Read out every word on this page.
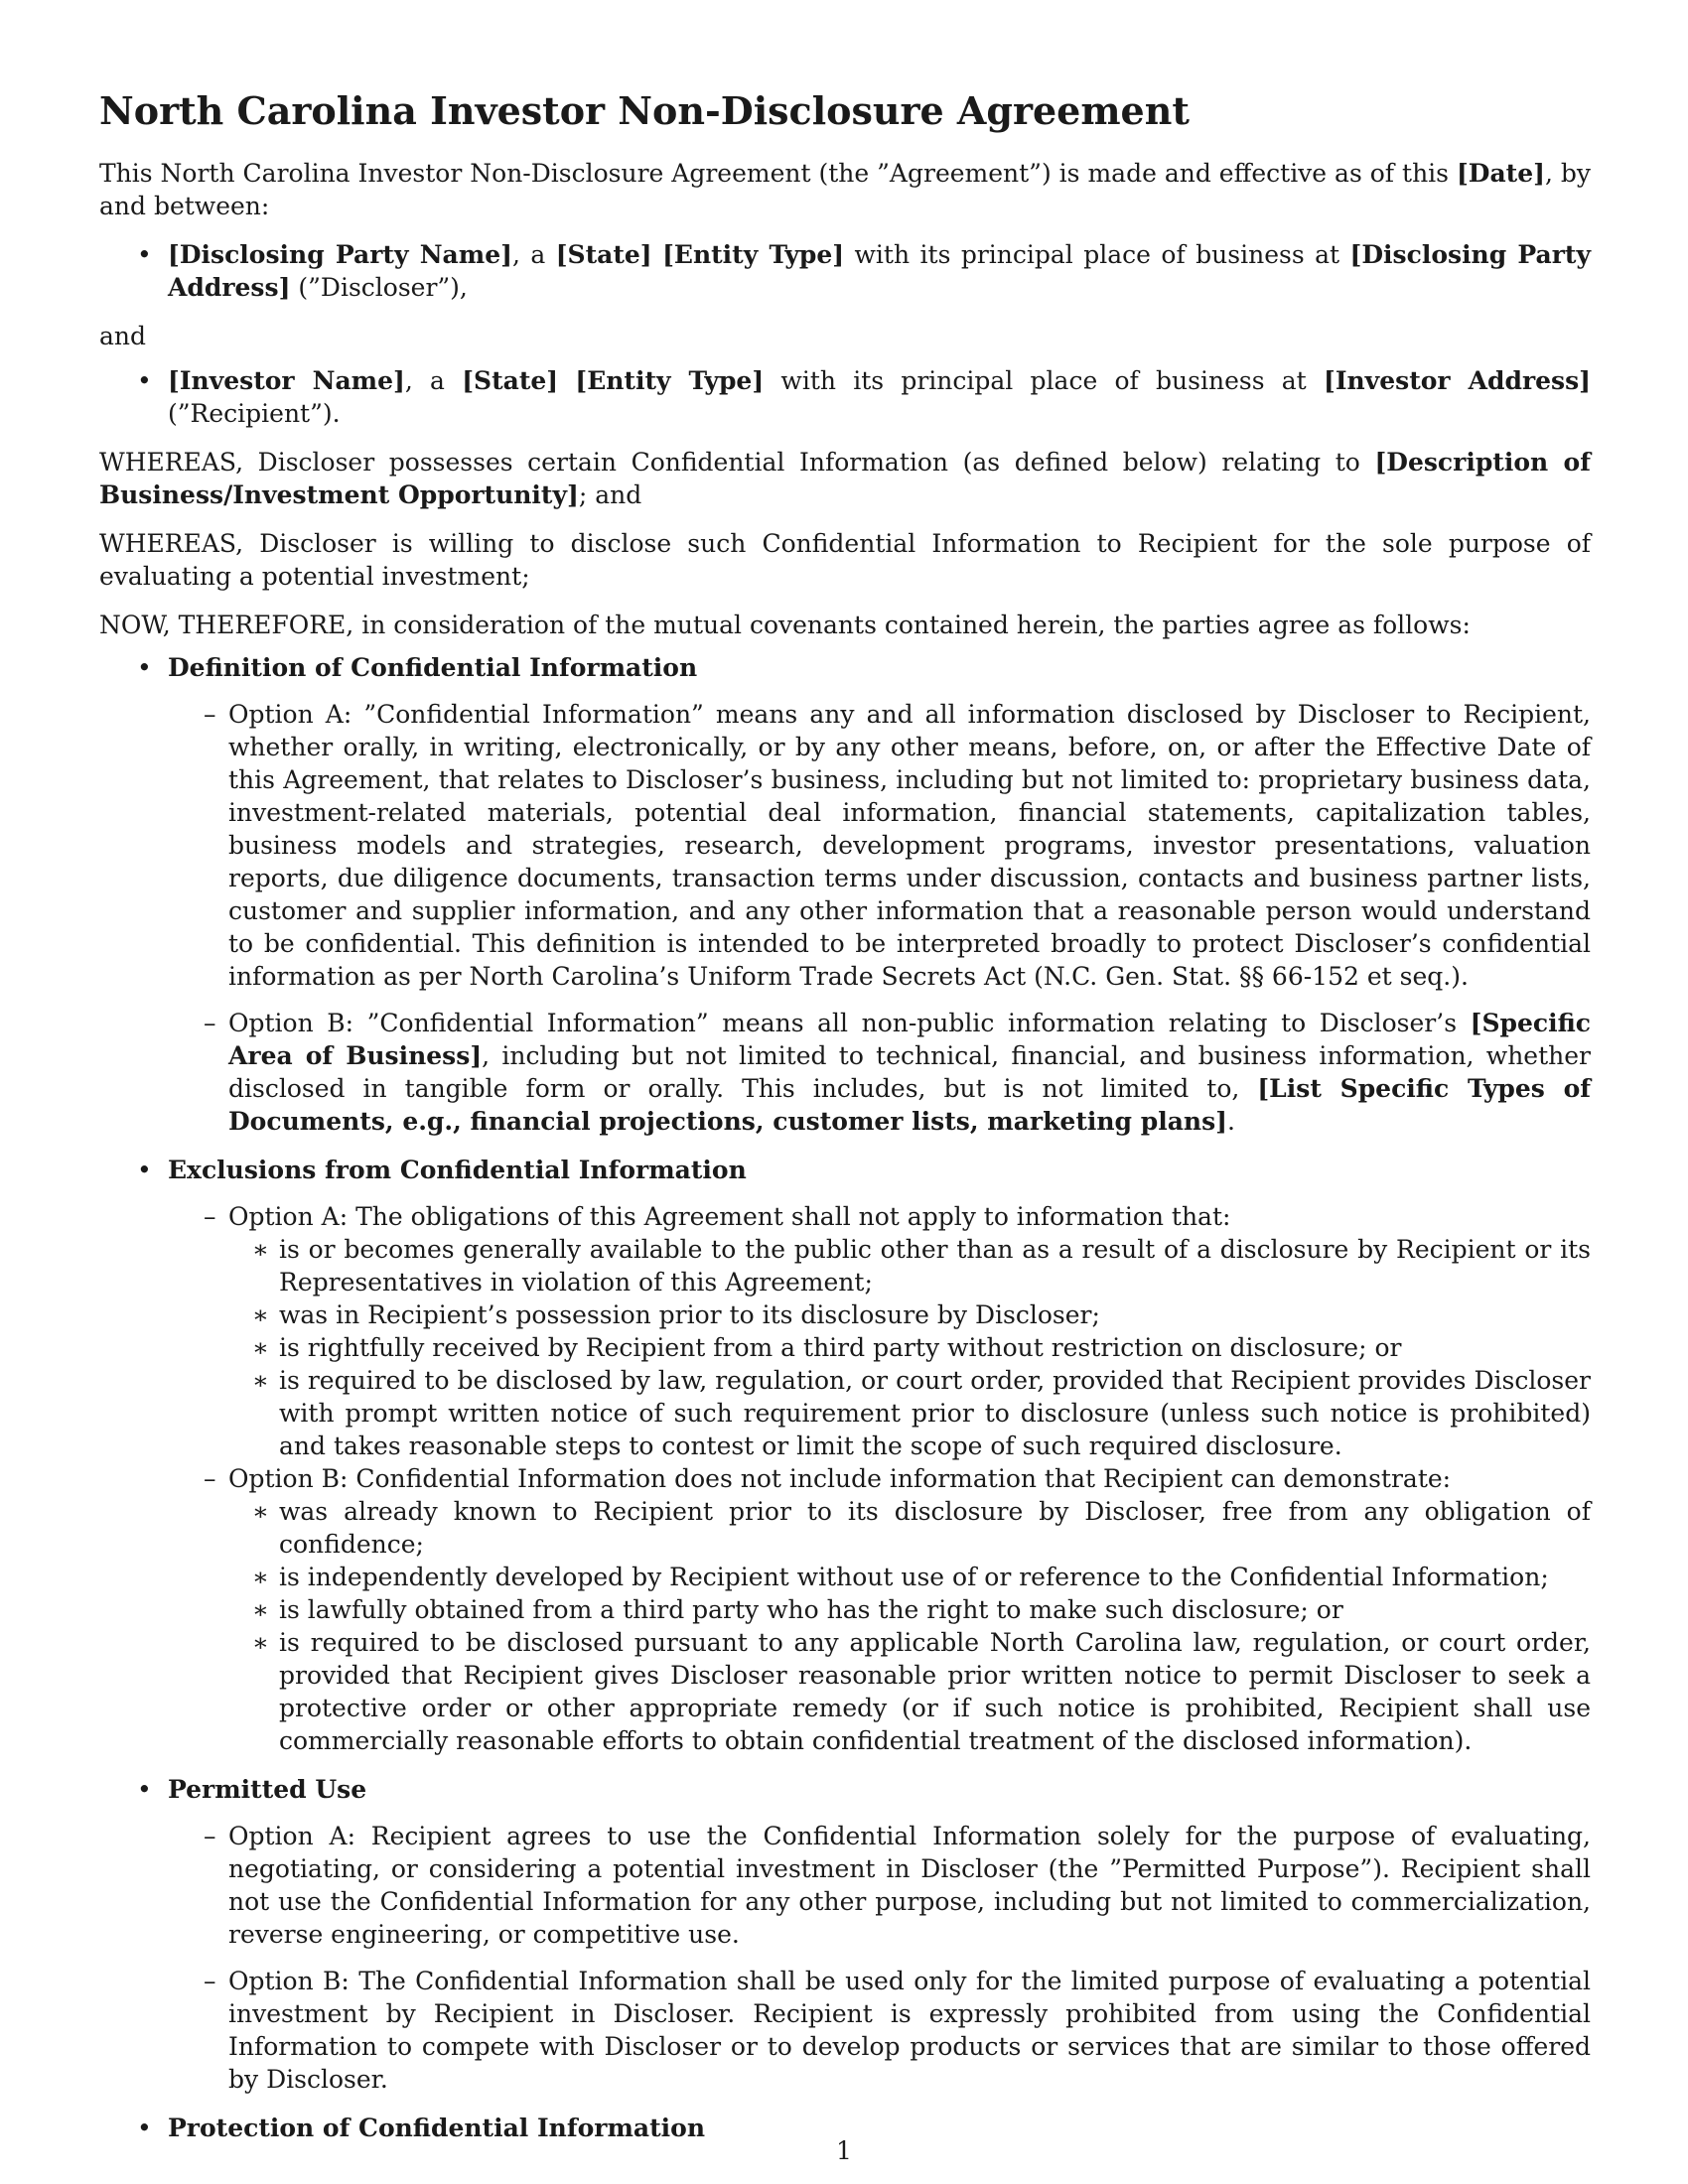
North Carolina Investor Non-Disclosure Agreement

This North Carolina Investor Non-Disclosure Agreement (the ”Agreement”) is made and effective as of this [Date], by and between:

• [Disclosing Party Name], a [State] [Entity Type] with its principal place of business at [Disclosing Party Address] (”Discloser”),

and

• [Investor Name], a [State] [Entity Type] with its principal place of business at [Investor Address] (”Recipient”).

WHEREAS, Discloser possesses certain Confidential Information (as defined below) relating to [Description of Business/Investment Opportunity]; and

WHEREAS, Discloser is willing to disclose such Confidential Information to Recipient for the sole purpose of evaluating a potential investment;

NOW, THEREFORE, in consideration of the mutual covenants contained herein, the parties agree as follows:

• Definition of Confidential Information
– Option A: ”Confidential Information” means any and all information disclosed by Discloser to Recipient, whether orally, in writing, electronically, or by any other means, before, on, or after the Effective Date of this Agreement, that relates to Discloser’s business, including but not limited to: proprietary business data, investment-related materials, potential deal information, financial statements, capitalization tables, business models and strategies, research, development programs, investor presentations, valuation reports, due diligence documents, transaction terms under discussion, contacts and business partner lists, customer and supplier information, and any other information that a reasonable person would understand to be confidential. This definition is intended to be interpreted broadly to protect Discloser’s confidential information as per North Carolina’s Uniform Trade Secrets Act (N.C. Gen. Stat. §§ 66-152 et seq.).
– Option B: ”Confidential Information” means all non-public information relating to Discloser’s [Specific Area of Business], including but not limited to technical, financial, and business information, whether disclosed in tangible form or orally. This includes, but is not limited to, [List Specific Types of Documents, e.g., financial projections, customer lists, marketing plans].
• Exclusions from Confidential Information
– Option A: The obligations of this Agreement shall not apply to information that:
∗ is or becomes generally available to the public other than as a result of a disclosure by Recipient or its Representatives in violation of this Agreement;
∗ was in Recipient’s possession prior to its disclosure by Discloser;
∗ is rightfully received by Recipient from a third party without restriction on disclosure; or
∗ is required to be disclosed by law, regulation, or court order, provided that Recipient provides Discloser with prompt written notice of such requirement prior to disclosure (unless such notice is prohibited) and takes reasonable steps to contest or limit the scope of such required disclosure.
– Option B: Confidential Information does not include information that Recipient can demonstrate:
∗ was already known to Recipient prior to its disclosure by Discloser, free from any obligation of confidence;
∗ is independently developed by Recipient without use of or reference to the Confidential Information;
∗ is lawfully obtained from a third party who has the right to make such disclosure; or
∗ is required to be disclosed pursuant to any applicable North Carolina law, regulation, or court order, provided that Recipient gives Discloser reasonable prior written notice to permit Discloser to seek a protective order or other appropriate remedy (or if such notice is prohibited, Recipient shall use commercially reasonable efforts to obtain confidential treatment of the disclosed information).
• Permitted Use
– Option A: Recipient agrees to use the Confidential Information solely for the purpose of evaluating, negotiating, or considering a potential investment in Discloser (the ”Permitted Purpose”). Recipient shall not use the Confidential Information for any other purpose, including but not limited to commercialization, reverse engineering, or competitive use.
– Option B: The Confidential Information shall be used only for the limited purpose of evaluating a potential investment by Recipient in Discloser. Recipient is expressly prohibited from using the Confidential Information to compete with Discloser or to develop products or services that are similar to those offered by Discloser.
• Protection of Confidential Information
1
